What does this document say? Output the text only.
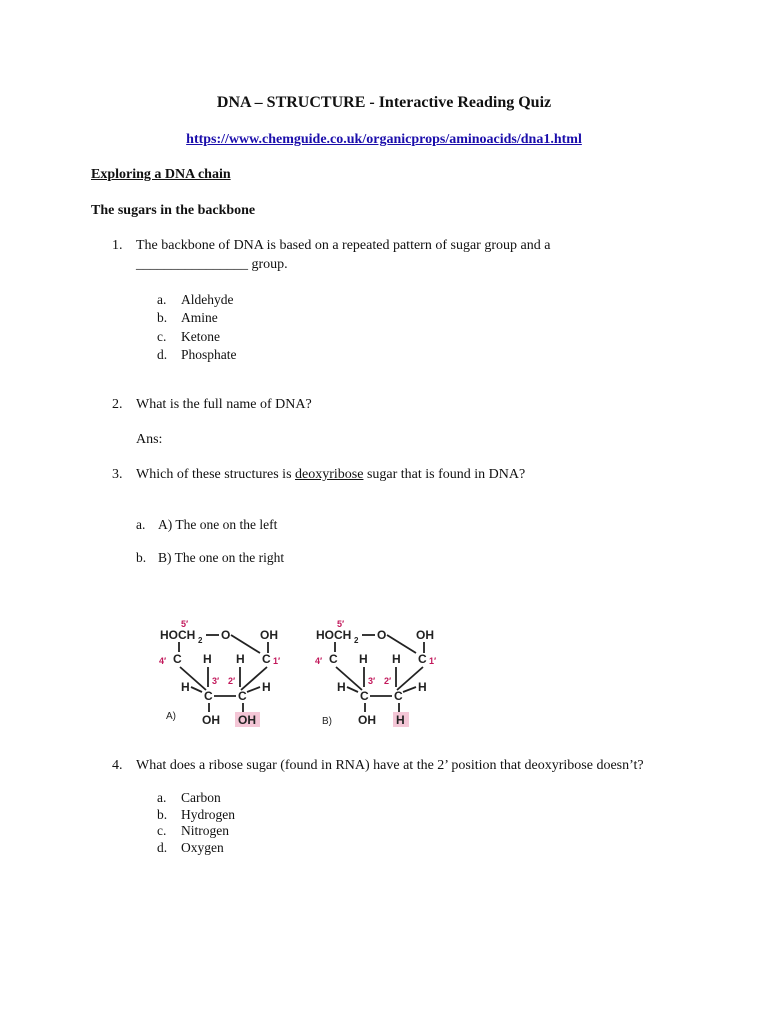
DNA – STRUCTURE - Interactive Reading Quiz
https://www.chemguide.co.uk/organicprops/aminoacids/dna1.html
Exploring a DNA chain
The sugars in the backbone
1. The backbone of DNA is based on a repeated pattern of sugar group and a
________________ group.
a. Aldehyde
b. Amine
c. Ketone
d. Phosphate
2. What is the full name of DNA?
Ans:
3. Which of these structures is deoxyribose sugar that is found in DNA?
a. A) The one on the left
b. B) The one on the right
5′
HOCH 2 O OH
4′ C	C 1′
H H
3′ 2′
H	H
C C
A) OH OH
5′
HOCH 2 O OH
4′ C	C 1′
H H
3′ 2′
H	H
C C
B) OH H
4. What does a ribose sugar (found in RNA) have at the 2’ position that deoxyribose doesn’t?
a. Carbon
b. Hydrogen
c. Nitrogen
d. Oxygen
